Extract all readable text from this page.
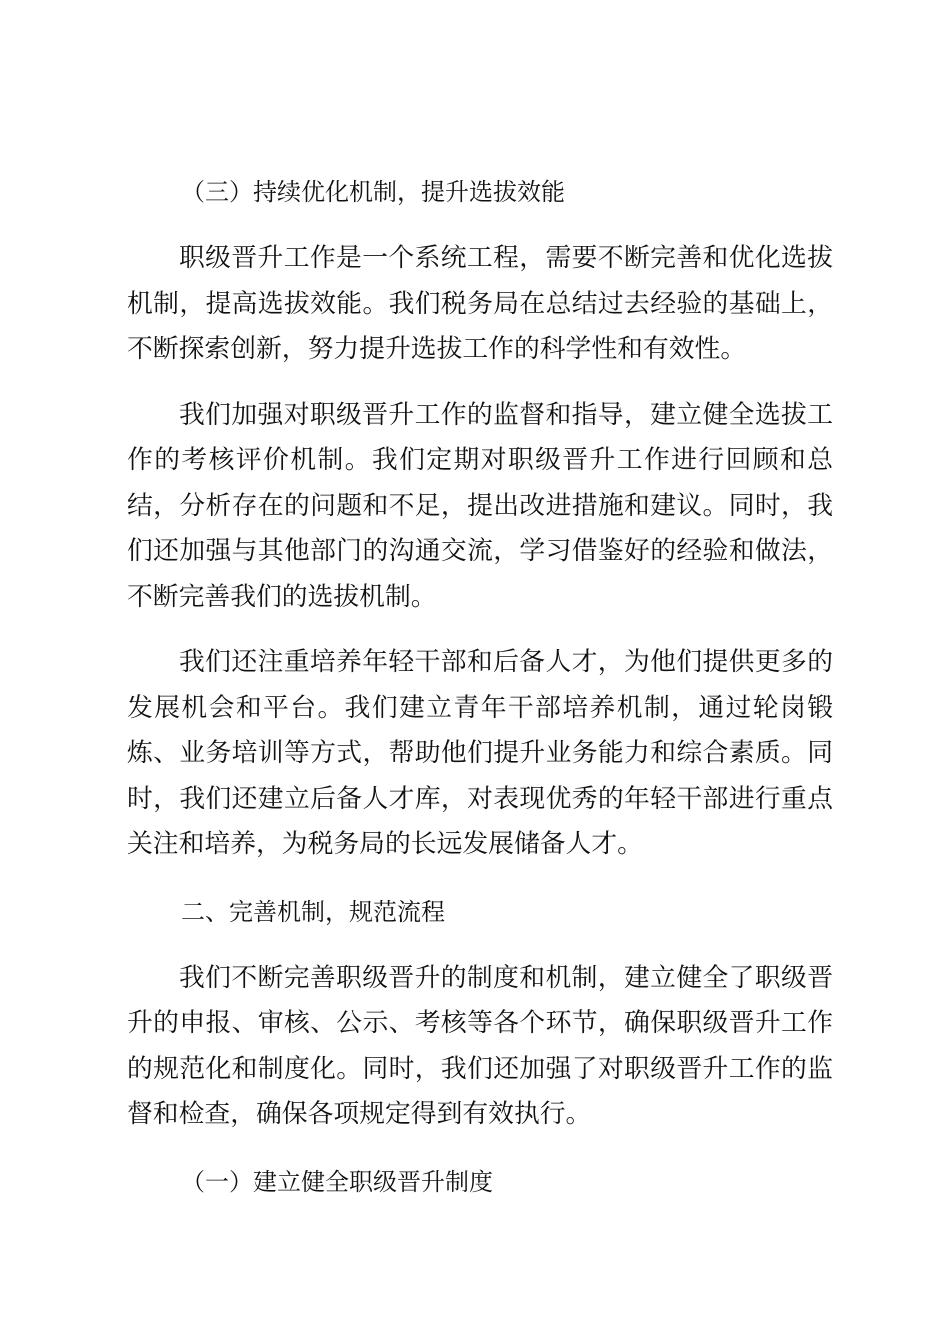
（三）持续优化机制，提升选拔效能

职级晋升工作是一个系统工程，需要不断完善和优化选拔机制，提高选拔效能。我们税务局在总结过去经验的基础上，不断探索创新，努力提升选拔工作的科学性和有效性。

我们加强对职级晋升工作的监督和指导，建立健全选拔工作的考核评价机制。我们定期对职级晋升工作进行回顾和总结，分析存在的问题和不足，提出改进措施和建议。同时，我们还加强与其他部门的沟通交流，学习借鉴好的经验和做法，不断完善我们的选拔机制。

我们还注重培养年轻干部和后备人才，为他们提供更多的发展机会和平台。我们建立青年干部培养机制，通过轮岗锻炼、业务培训等方式，帮助他们提升业务能力和综合素质。同时，我们还建立后备人才库，对表现优秀的年轻干部进行重点关注和培养，为税务局的长远发展储备人才。

二、完善机制，规范流程

我们不断完善职级晋升的制度和机制，建立健全了职级晋升的申报、审核、公示、考核等各个环节，确保职级晋升工作的规范化和制度化。同时，我们还加强了对职级晋升工作的监督和检查，确保各项规定得到有效执行。

（一）建立健全职级晋升制度
